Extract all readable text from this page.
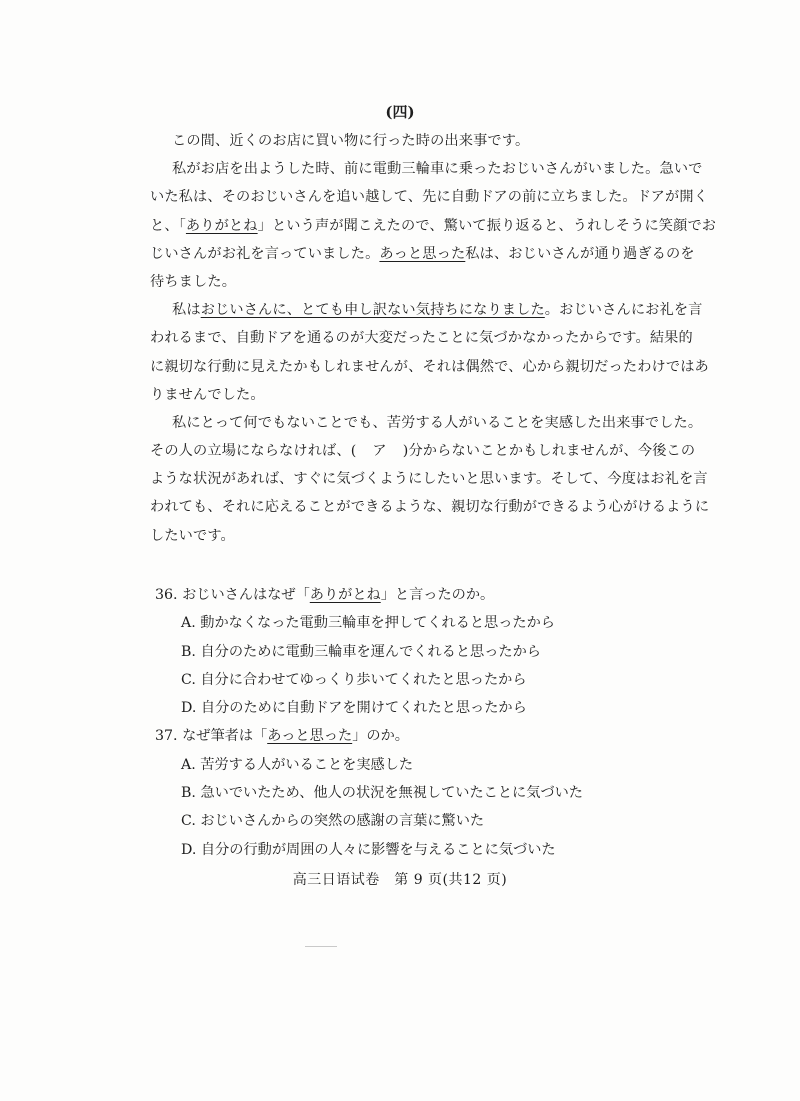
(四)
この間、近くのお店に買い物に行った時の出来事です。
私がお店を出ようした時、前に電動三輪車に乗ったおじいさんがいました。急いで
いた私は、そのおじいさんを追い越して、先に自動ドアの前に立ちました。ドアが開く
と、「ありがとね」という声が聞こえたので、驚いて振り返ると、うれしそうに笑顔でお
じいさんがお礼を言っていました。あっと思った私は、おじいさんが通り過ぎるのを
待ちました。
私はおじいさんに、とても申し訳ない気持ちになりました。おじいさんにお礼を言
われるまで、自動ドアを通るのが大変だったことに気づかなかったからです。結果的
に親切な行動に見えたかもしれませんが、それは偶然で、心から親切だったわけではあ
りませんでした。
私にとって何でもないことでも、苦労する人がいることを実感した出来事でした。
その人の立場にならなければ、( ア )分からないことかもしれませんが、今後この
ような状況があれば、すぐに気づくようにしたいと思います。そして、今度はお礼を言
われても、それに応えることができるような、親切な行動ができるよう心がけるように
したいです。
36. おじいさんはなぜ「ありがとね」と言ったのか。
A. 動かなくなった電動三輪車を押してくれると思ったから
B. 自分のために電動三輪車を運んでくれると思ったから
C. 自分に合わせてゆっくり歩いてくれたと思ったから
D. 自分のために自動ドアを開けてくれたと思ったから
37. なぜ筆者は「あっと思った」のか。
A. 苦労する人がいることを実感した
B. 急いでいたため、他人の状況を無視していたことに気づいた
C. おじいさんからの突然の感謝の言葉に驚いた
D. 自分の行動が周囲の人々に影響を与えることに気づいた
高三日语试卷　第 9 页(共12 页)
